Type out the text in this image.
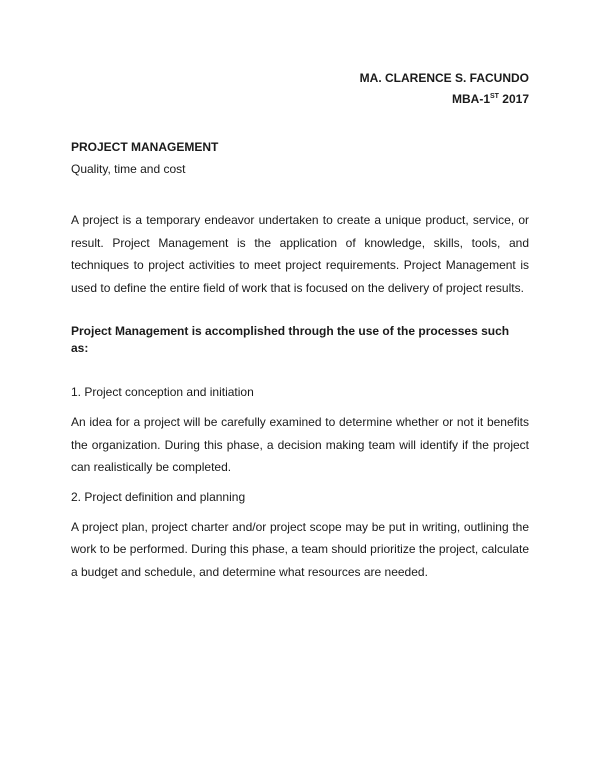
MA. CLARENCE S. FACUNDO

MBA-1ST 2017

PROJECT MANAGEMENT

Quality, time and cost

A project is a temporary endeavor undertaken to create a unique product, service, or result. Project Management is the application of knowledge, skills, tools, and techniques to project activities to meet project requirements. Project Management is used to define the entire field of work that is focused on the delivery of project results.

Project Management is accomplished through the use of the processes such as:

1. Project conception and initiation

An idea for a project will be carefully examined to determine whether or not it benefits the organization. During this phase, a decision making team will identify if the project can realistically be completed.

2. Project definition and planning

A project plan, project charter and/or project scope may be put in writing, outlining the work to be performed. During this phase, a team should prioritize the project, calculate a budget and schedule, and determine what resources are needed.
